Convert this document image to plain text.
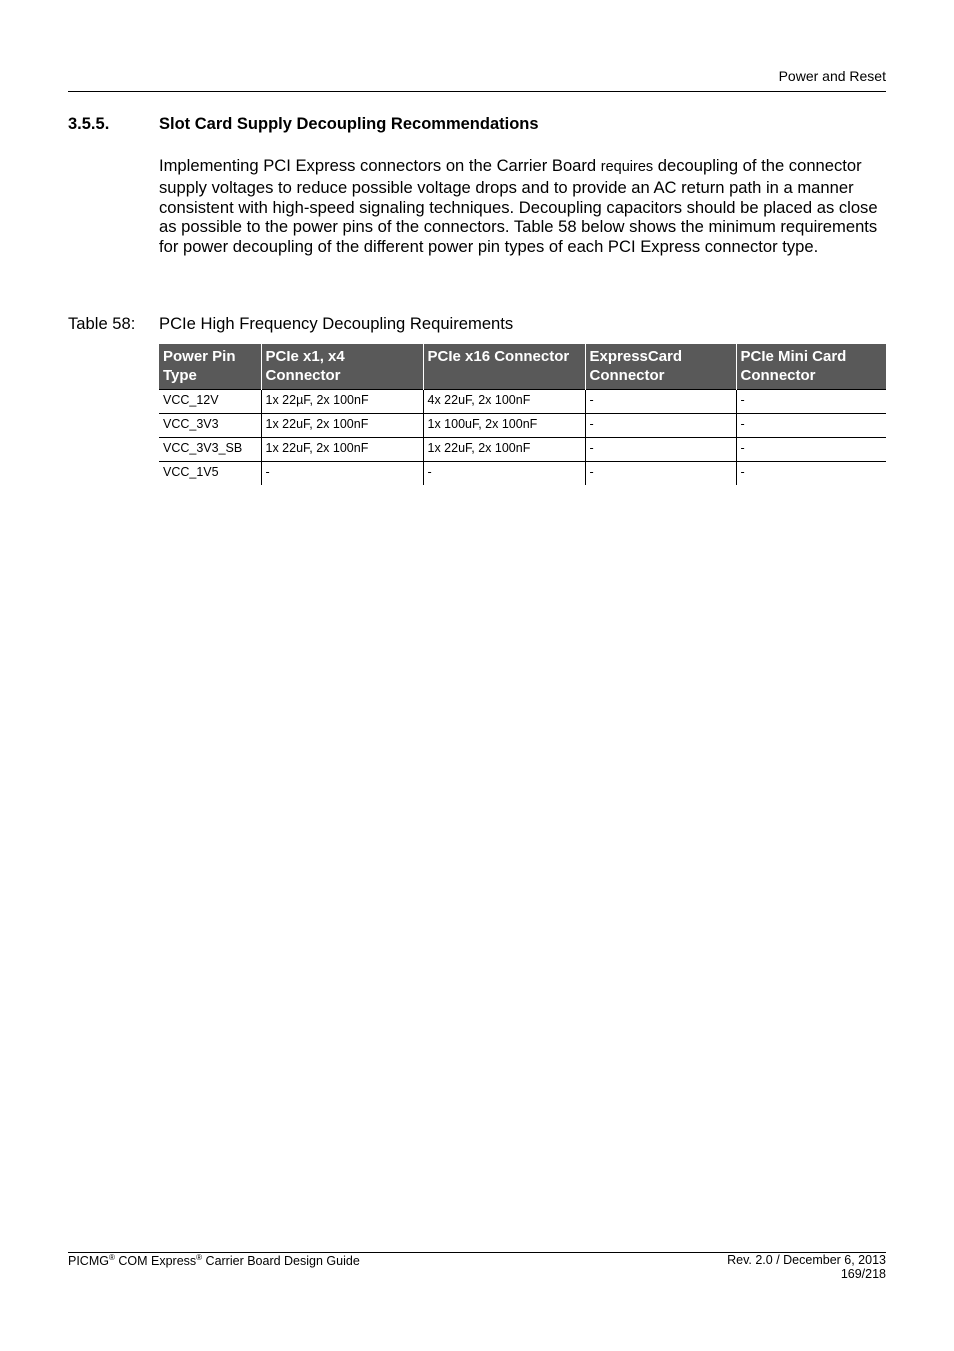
Power and Reset
3.5.5.	Slot Card Supply Decoupling Recommendations
Implementing PCI Express connectors on the Carrier Board requires decoupling of the connector supply voltages to reduce possible voltage drops and to provide an AC return path in a manner consistent with high-speed signaling techniques. Decoupling capacitors should be placed as close as possible to the power pins of the connectors. Table 58 below shows the minimum requirements for power decoupling of the different power pin types of each PCI Express connector type.
Table 58: PCIe High Frequency Decoupling Requirements
Power Pin Type	PCIe x1, x4 Connector	PCIe x16 Connector	ExpressCard Connector	PCIe Mini Card Connector
VCC_12V	1x 22µF, 2x 100nF	4x 22uF, 2x 100nF	-	-
VCC_3V3	1x 22uF, 2x 100nF	1x 100uF, 2x 100nF	-	-
VCC_3V3_SB	1x 22uF, 2x 100nF	1x 22uF, 2x 100nF	-	-
VCC_1V5	-	-	-	-
PICMG® COM Express® Carrier Board Design Guide	Rev. 2.0 / December 6, 2013
169/218
